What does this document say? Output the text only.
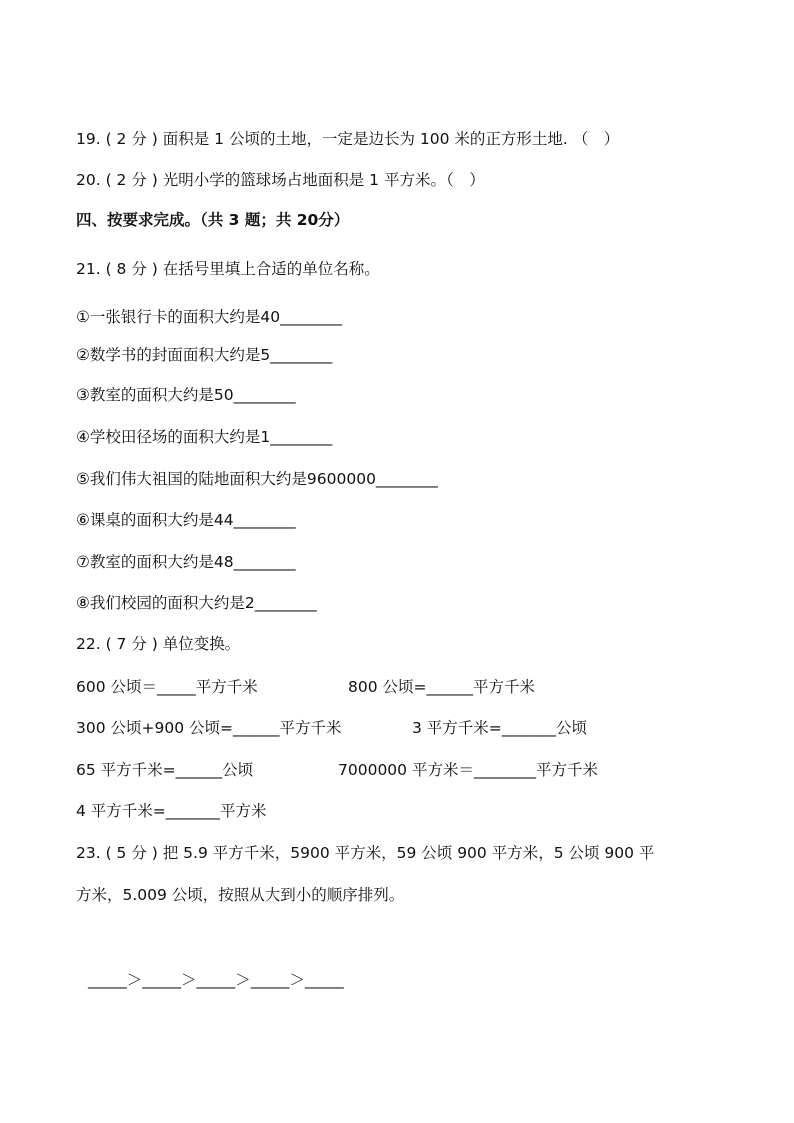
19. ( 2 分 ) 面积是 1 公顷的土地，一定是边长为 100 米的正方形土地. （　）
20. ( 2 分 ) 光明小学的篮球场占地面积是 1 平方米。（　）
四、按要求完成。（共 3 题；共 20分）
21. ( 8 分 ) 在括号里填上合适的单位名称。
①一张银行卡的面积大约是40________
②数学书的封面面积大约是5________
③教室的面积大约是50________
④学校田径场的面积大约是1________
⑤我们伟大祖国的陆地面积大约是9600000________
⑥课桌的面积大约是44________
⑦教室的面积大约是48________
⑧我们校园的面积大约是2________
22. ( 7 分 ) 单位变换。
600 公顷＝_____平方千米	800 公顷=______平方千米
300 公顷+900 公顷=______平方千米	3 平方千米=_______公顷
65 平方千米=______公顷	7000000 平方米＝________平方千米
4 平方千米=_______平方米
23. ( 5 分 ) 把 5.9 平方千米，5900 平方米，59 公顷 900 平方米，5 公顷 900 平
方米，5.009 公顷，按照从大到小的顺序排列。
_____＞_____＞_____＞_____＞_____
